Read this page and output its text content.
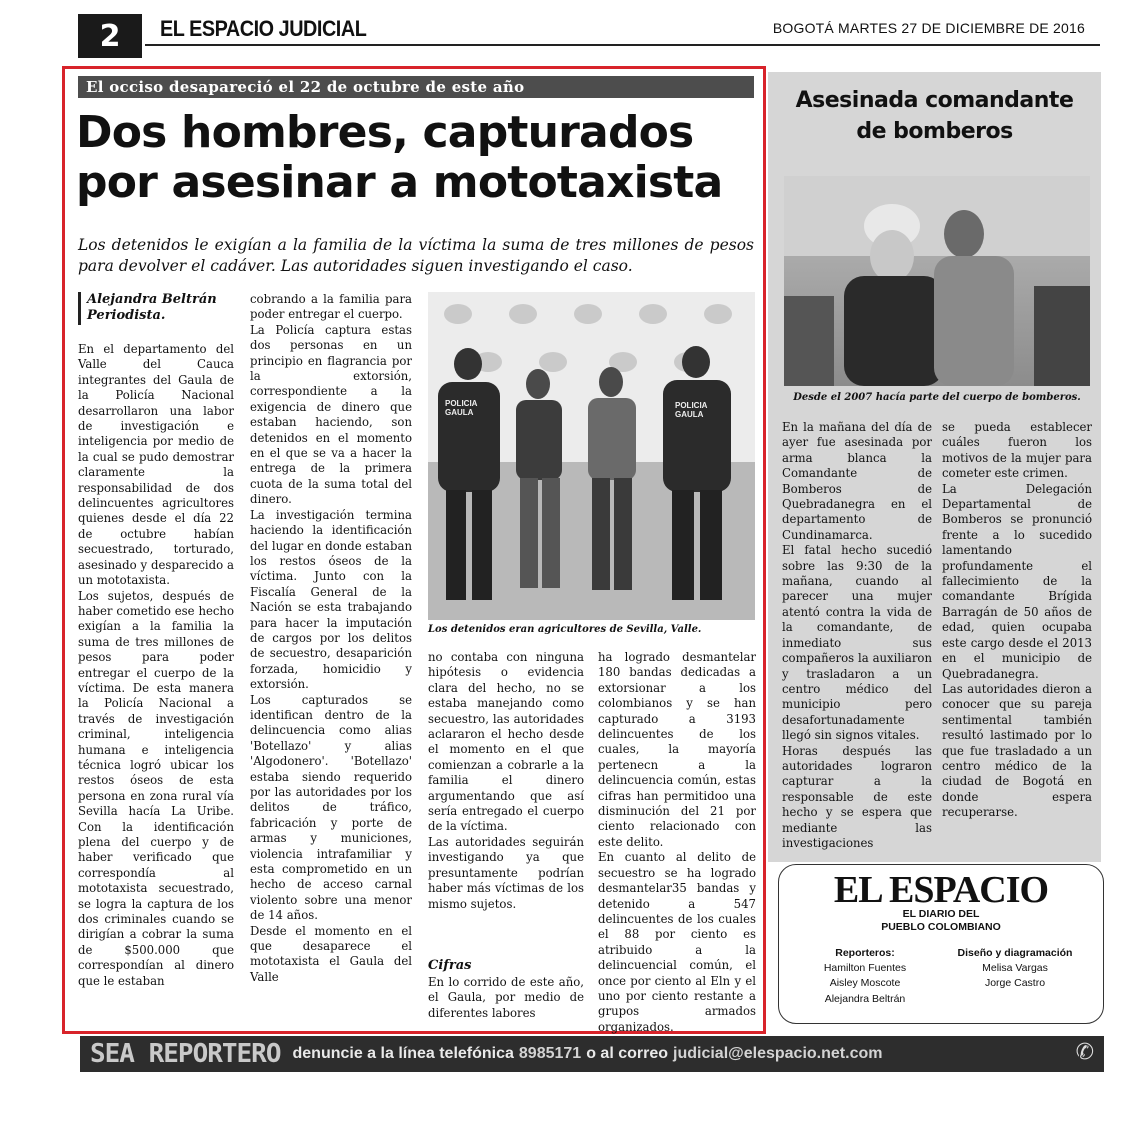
2	EL ESPACIO JUDICIAL	BOGOTÁ MARTES 27 DE DICIEMBRE DE 2016
El occiso desapareció el 22 de octubre de este año
Dos hombres, capturados
por asesinar a mototaxista
Los detenidos le exigían a la familia de la víctima la suma de tres millones de pesos para devolver el cadáver. Las autoridades siguen investigando el caso.
Alejandra Beltrán
Periodista.

En el departamento del Valle del Cauca integrantes del Gaula de la Policía Nacional desarrollaron una labor de investigación e inteligencia por medio de la cual se pudo demostrar claramente la responsabilidad de dos delincuentes agricultores quienes desde el día 22 de octubre habían secuestrado, torturado, asesinado y desparecido a un mototaxista.

Los sujetos, después de haber cometido ese hecho exigían a la familia la suma de tres millones de pesos para poder entregar el cuerpo de la víctima. De esta manera la Policía Nacional a través de investigación criminal, inteligencia humana e inteligencia técnica logró ubicar los restos óseos de esta persona en zona rural vía Sevilla hacía La Uribe. Con la identificación plena del cuerpo y de haber verificado que correspondía al mototaxista secuestrado, se logra la captura de los dos criminales cuando se dirigían a cobrar la suma de $500.000 que correspondían al dinero que le estaban

cobrando a la familia para poder entregar el cuerpo.

La Policía captura estas dos personas en un principio en flagrancia por la extorsión, correspondiente a la exigencia de dinero que estaban haciendo, son detenidos en el momento en el que se va a hacer la entrega de la primera cuota de la suma total del dinero.

La investigación termina haciendo la identificación del lugar en donde estaban los restos óseos de la víctima. Junto con la Fiscalía General de la Nación se esta trabajando para hacer la imputación de cargos por los delitos de secuestro, desaparición forzada, homicidio y extorsión.

Los capturados se identifican dentro de la delincuencia como alias 'Botellazo' y alias 'Algodonero'. 'Botellazo' estaba siendo requerido por las autoridades por los delitos de tráfico, fabricación y porte de armas y municiones, violencia intrafamiliar y esta comprometido en un hecho de acceso carnal violento sobre una menor de 14 años.

Desde el momento en el que desaparece el mototaxista el Gaula del Valle

POLICIA GAULA
POLICIA GAULA
Los detenidos eran agricultores de Sevilla, Valle.

no contaba con ninguna hipótesis o evidencia clara del hecho, no se estaba manejando como secuestro, las autoridades aclararon el hecho desde el momento en el que comienzan a cobrarle a la familia el dinero argumentando que así sería entregado el cuerpo de la víctima.

Las autoridades seguirán investigando ya que presuntamente podrían haber más víctimas de los mismo sujetos.

Cifras

En lo corrido de este año, el Gaula, por medio de diferentes labores

ha logrado desmantelar 180 bandas dedicadas a extorsionar a los colombianos y se han capturado a 3193 delincuentes de los cuales, la mayoría pertenecn a la delincuencia común, estas cifras han permitidoo una disminución del 21 por ciento relacionado con este delito.

En cuanto al delito de secuestro se ha logrado desmantelar35 bandas y detenido a 547 delincuentes de los cuales el 88 por ciento es atribuido a la delincuencial común, el once por ciento al Eln y el uno por ciento restante a grupos armados organizados.

Asesinada comandante
de bomberos
Desde el 2007 hacía parte del cuerpo de bomberos.

En la mañana del día de ayer fue asesinada por arma blanca la Comandante de Bomberos de Quebradanegra en el departamento de Cundinamarca.

El fatal hecho sucedió sobre las 9:30 de la mañana, cuando al parecer una mujer atentó contra la vida de la comandante, de inmediato sus compañeros la auxiliaron y trasladaron a un centro médico del municipio pero desafortunadamente llegó sin signos vitales.

Horas después las autoridades lograron capturar a la responsable de este hecho y se espera que mediante las investigaciones

se pueda establecer cuáles fueron los motivos de la mujer para cometer este crimen.

La Delegación Departamental de Bomberos se pronunció frente a lo sucedido lamentando profundamente el fallecimiento de la comandante Brígida Barragán de 50 años de edad, quien ocupaba este cargo desde el 2013 en el municipio de Quebradanegra.

Las autoridades dieron a conocer que su pareja sentimental también resultó lastimado por lo que fue trasladado a un centro médico de la ciudad de Bogotá en donde espera recuperarse.

EL ESPACIO
EL DIARIO DEL
PUEBLO COLOMBIANO
Reporteros:
Hamilton Fuentes
Aisley Moscote
Alejandra Beltrán
Diseño y diagramación
Melisa Vargas
Jorge Castro
SEA REPORTERO denuncie a la línea telefónica 8985171 o al correo judicial@elespacio.net.com	✆
